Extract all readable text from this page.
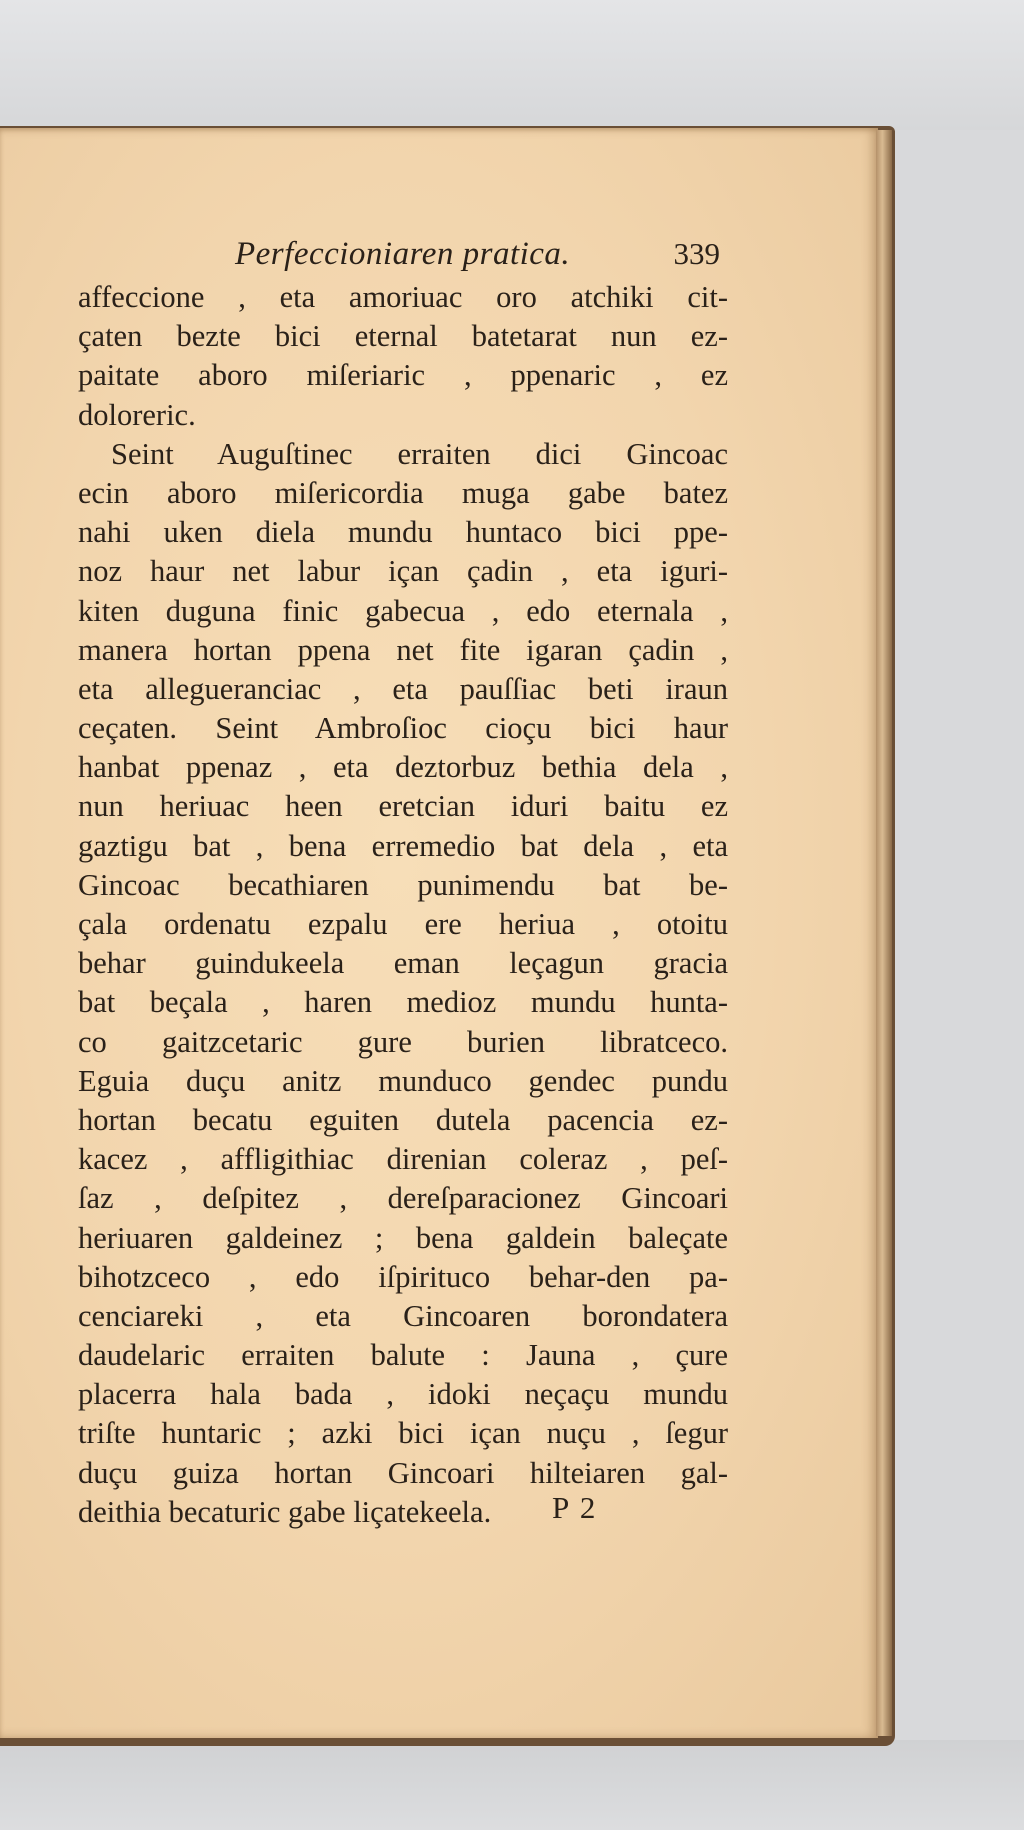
Perfeccioniaren pratica.	339
affeccione , eta amoriuac oro atchiki cit-
çaten bezte bici eternal batetarat nun ez-
paitate aboro miſeriaric , ppenaric , ez
doloreric.
Seint Auguſtinec erraiten dici Gincoac
ecin aboro miſericordia muga gabe batez
nahi uken diela mundu huntaco bici ppe-
noz haur net labur içan çadin , eta iguri-
kiten duguna finic gabecua , edo eternala ,
manera hortan ppena net fite igaran çadin ,
eta alleguеranciac , eta pauſſiac beti iraun
ceçaten. Seint Ambroſioc cioçu bici haur
hanbat ppenaz , eta deztorbuz bethia dela ,
nun heriuac heen eretcian iduri baitu ez
gaztigu bat , bena erremedio bat dela , eta
Gincoac becathiaren punimendu bat be-
çala ordenatu ezpalu ere heriua , otoitu
behar guindukeela eman leçagun gracia
bat beçala , haren medioz mundu hunta-
co gaitzcetaric gure burien libratceco.
Eguia duçu anitz munduco gendec pundu
hortan becatu eguiten dutela pacencia ez-
kacez , affligithiac direnian coleraz , peſ-
ſaz , deſpitez , dereſparacionez Gincoari
heriuaren galdeinez ; bena galdein baleçate
bihotzceco , edo iſpirituco behar-den pa-
cenciareki , eta Gincoaren borondatera
daudelaric erraiten balute : Jauna , çure
placerra hala bada , idoki neçaçu mundu
triſte huntaric ; azki bici içan nuçu , ſegur
duçu guiza hortan Gincoari hilteiaren gal-
deithia becaturic gabe liçatekeela.	P 2
